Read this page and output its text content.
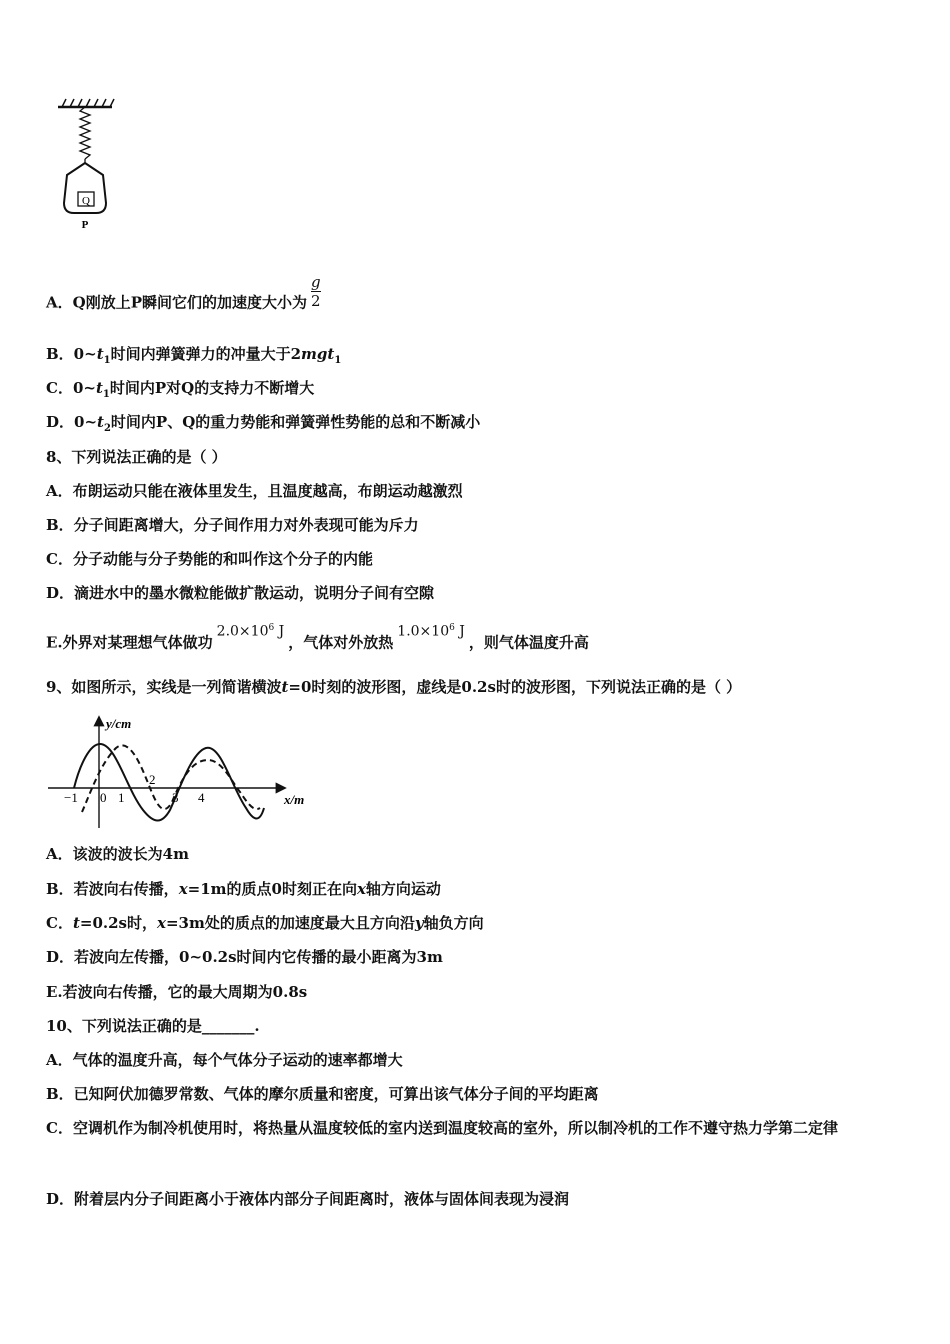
Q
P
A．Q刚放上P瞬间它们的加速度大小为 $\frac{g}{2}$
B．$0\sim t_1$时间内弹簧弹力的冲量大于2mgt$_1$
C．$0\sim t_1$时间内P对Q的支持力不断增大
D．$0\sim t_2$时间内P、Q的重力势能和弹簧弹性势能的总和不断减小
8、下列说法正确的是（ ）
A．布朗运动只能在液体里发生，且温度越高，布朗运动越激烈
B．分子间距离增大，分子间作用力对外表现可能为斥力
C．分子动能与分子势能的和叫作这个分子的内能
D．滴进水中的墨水微粒能做扩散运动，说明分子间有空隙
E.外界对某理想气体做功$2.0\times 10^6$ J，气体对外放热$1.0\times 10^6$ J，则气体温度升高
9、如图所示，实线是一列简谐横波t=0时刻的波形图，虚线是0.2s时的波形图，下列说法正确的是（ ）
y/cm
x/m
−1 0 1
2
3 4
A．该波的波长为4m
B．若波向右传播，x=1m的质点0时刻正在向x轴方向运动
C．t=0.2s时，x=3m处的质点的加速度最大且方向沿y轴负方向
D．若波向左传播，0~0.2s时间内它传播的最小距离为3m
E.若波向右传播，它的最大周期为0.8s
10、下列说法正确的是_______.
A．气体的温度升高，每个气体分子运动的速率都增大
B．已知阿伏加德罗常数、气体的摩尔质量和密度，可算出该气体分子间的平均距离
C．空调机作为制冷机使用时，将热量从温度较低的室内送到温度较高的室外，所以制冷机的工作不遵守热力学第二定律
D．附着层内分子间距离小于液体内部分子间距离时，液体与固体间表现为浸润
